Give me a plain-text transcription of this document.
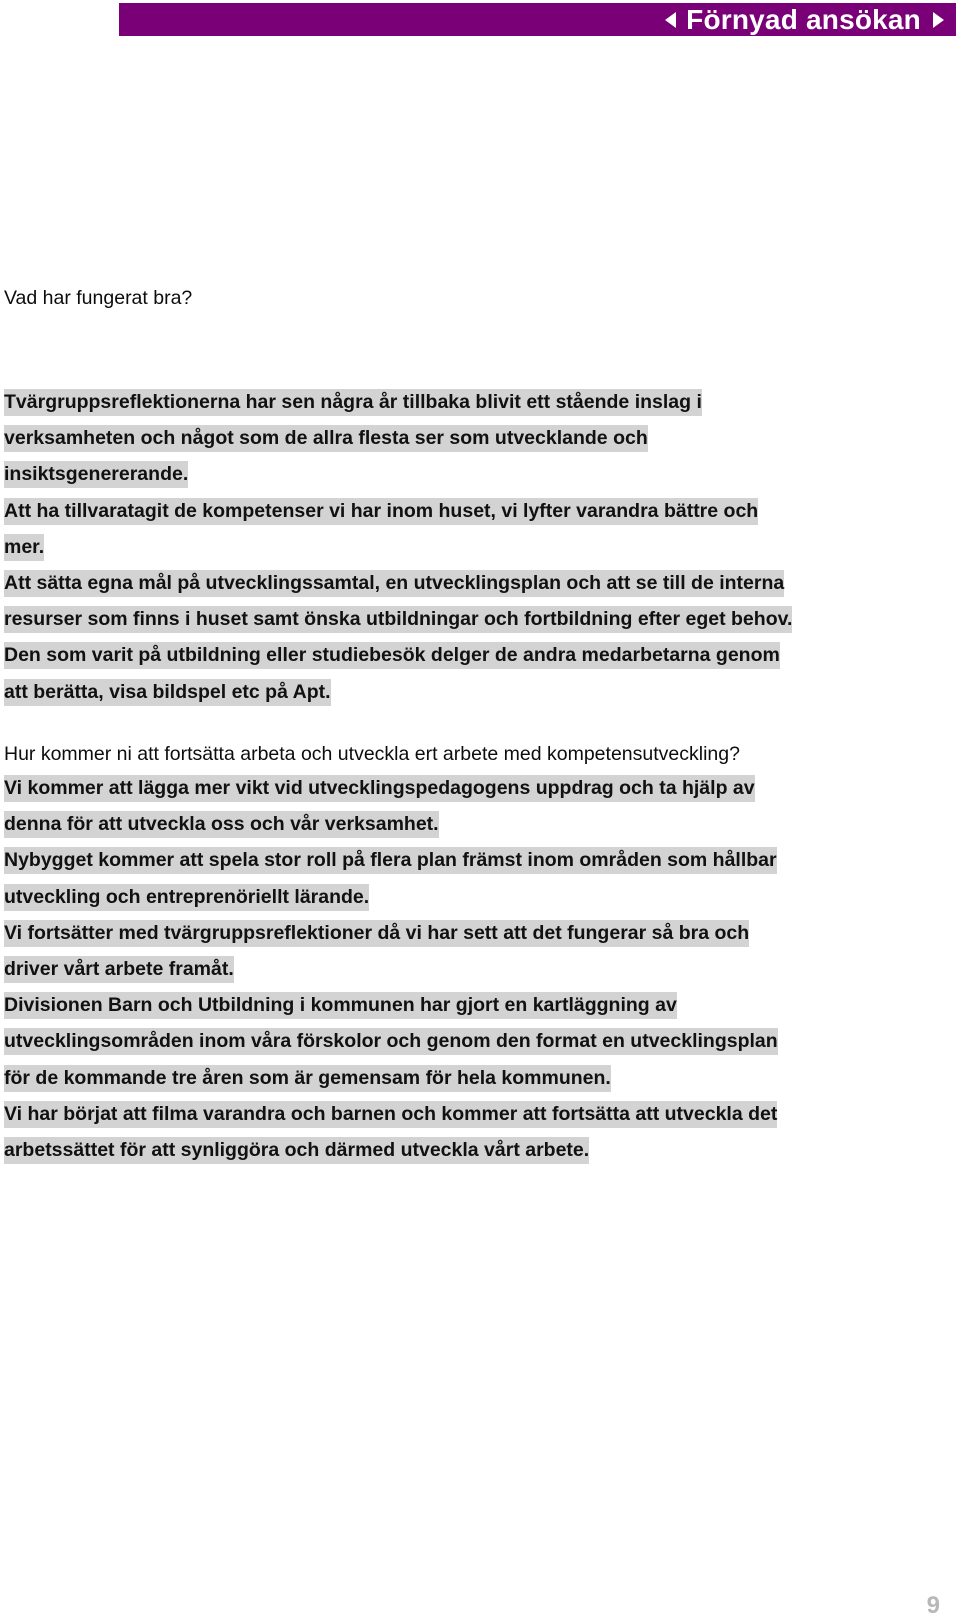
Förnyad ansökan
Vad har fungerat bra?
Tvärgruppsreflektionerna har sen några år tillbaka blivit ett stående inslag i
verksamheten och något som de allra flesta ser som utvecklande och
insiktsgenererande.
Att ha tillvaratagit de kompetenser vi har inom huset, vi lyfter varandra bättre och
mer.
Att sätta egna mål på utvecklingssamtal, en utvecklingsplan och att se till de interna
resurser som finns i huset samt önska utbildningar och fortbildning efter eget behov.
Den som varit på utbildning eller studiebesök delger de andra medarbetarna genom
att berätta, visa bildspel etc på Apt.
Hur kommer ni att fortsätta arbeta och utveckla ert arbete med kompetensutveckling?
Vi kommer att lägga mer vikt vid utvecklingspedagogens uppdrag och ta hjälp av
denna för att utveckla oss och vår verksamhet.
Nybygget kommer att spela stor roll på flera plan främst inom områden som hållbar
utveckling och entreprenöriellt lärande.
Vi fortsätter med tvärgruppsreflektioner då vi har sett att det fungerar så bra och
driver vårt arbete framåt.
Divisionen Barn och Utbildning i kommunen har gjort en kartläggning av
utvecklingsområden inom våra förskolor och genom den format en utvecklingsplan
för de kommande tre åren som är gemensam för hela kommunen.
Vi har börjat att filma varandra och barnen och kommer att fortsätta att utveckla det
arbetssättet för att synliggöra och därmed utveckla vårt arbete.
9
